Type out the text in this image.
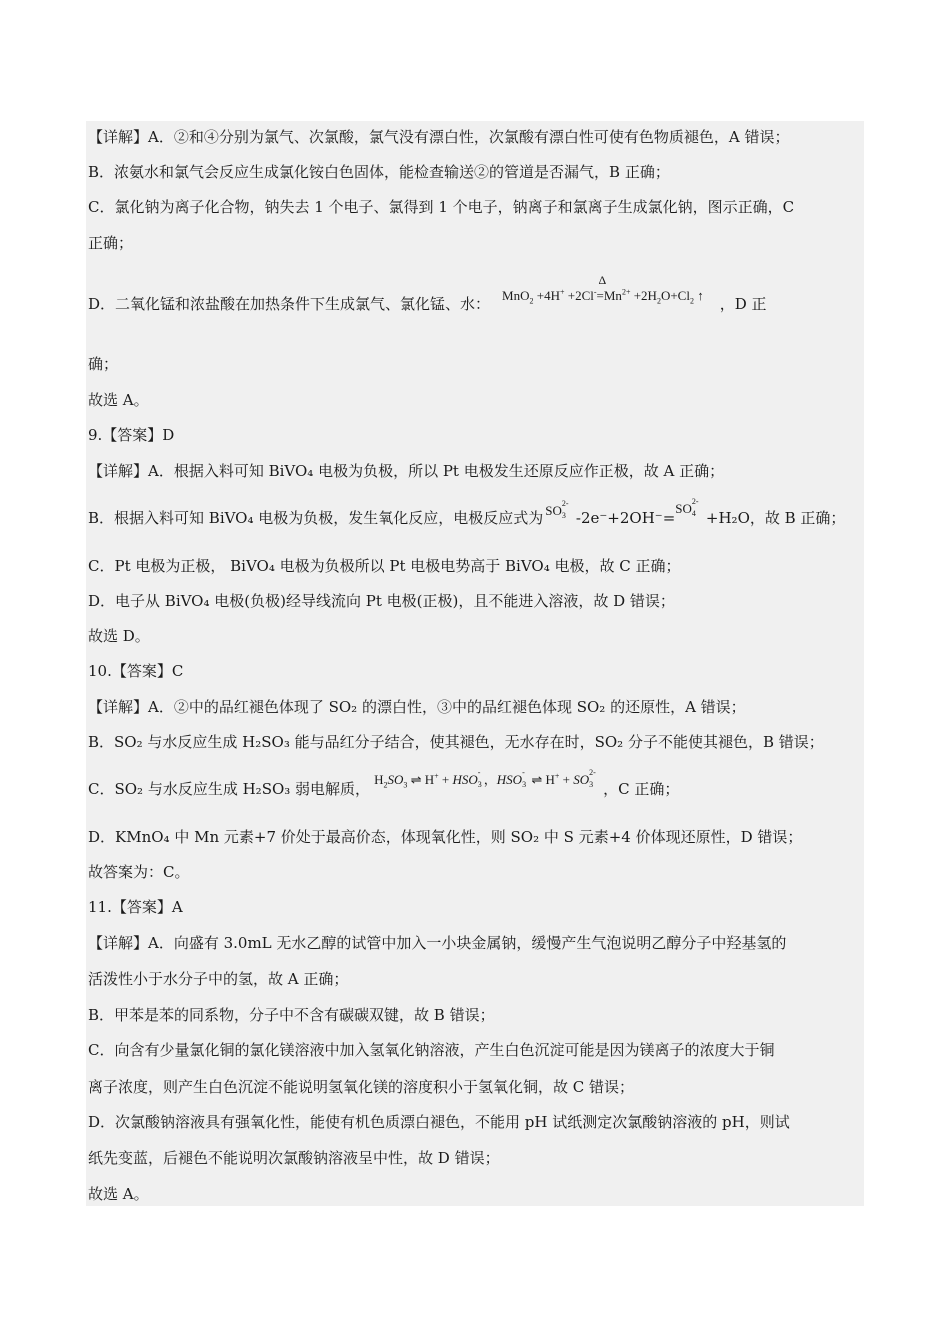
【详解】A．②和④分别为氯气、次氯酸，氯气没有漂白性，次氯酸有漂白性可使有色物质褪色，A 错误；
B．浓氨水和氯气会反应生成氯化铵白色固体，能检查输送②的管道是否漏气，B 正确；
C．氯化钠为离子化合物，钠失去 1 个电子、氯得到 1 个电子，钠离子和氯离子生成氯化钠，图示正确，C
正确；
D．二氧化锰和浓盐酸在加热条件下生成氯气、氯化锰、水： MnO$_2$ +4H+ +2Cl-
Δ
$=Mn^{2+} +2H_2O+Cl_2$ ↑ ，D 正
确；
故选 A。
9.【答案】D
【详解】A．根据入料可知 BiVO₄ 电极为负极，所以 Pt 电极发生还原反应作正极，故 A 正确；
B．根据入料可知 BiVO₄ 电极为负极，发生氧化反应，电极反应式为 SO 2-
3 -2e⁻+2OH⁻=SO 2-
4 +H₂O，故 B 正确；
C．Pt 电极为正极， BiVO₄ 电极为负极所以 Pt 电极电势高于 BiVO₄ 电极，故 C 正确；
D．电子从 BiVO₄ 电极(负极)经导线流向 Pt 电极(正极)，且不能进入溶液，故 D 错误；
故选 D。
10.【答案】C
【详解】A．②中的品红褪色体现了 SO₂ 的漂白性，③中的品红褪色体现 SO₂ 的还原性，A 错误；
B．SO₂ 与水反应生成 H₂SO₃ 能与品红分子结合，使其褪色，无水存在时，SO₂ 分子不能使其褪色，B 错误；
C．SO₂ 与水反应生成 H₂SO₃ 弱电解质，$H_2SO_3$ ⇌ H+ + HSO -
3 ，HSO -
3 ⇌ H+ + SO 2-
3 ，C 正确；
D．KMnO₄ 中 Mn 元素+7 价处于最高价态，体现氧化性，则 SO₂ 中 S 元素+4 价体现还原性，D 错误；
故答案为：C。
11.【答案】A
【详解】A．向盛有 3.0mL 无水乙醇的试管中加入一小块金属钠，缓慢产生气泡说明乙醇分子中羟基氢的
活泼性小于水分子中的氢，故 A 正确；
B．甲苯是苯的同系物，分子中不含有碳碳双键，故 B 错误；
C．向含有少量氯化铜的氯化镁溶液中加入氢氧化钠溶液，产生白色沉淀可能是因为镁离子的浓度大于铜
离子浓度，则产生白色沉淀不能说明氢氧化镁的溶度积小于氢氧化铜，故 C 错误；
D．次氯酸钠溶液具有强氧化性，能使有机色质漂白褪色，不能用 pH 试纸测定次氯酸钠溶液的 pH，则试
纸先变蓝，后褪色不能说明次氯酸钠溶液呈中性，故 D 错误；
故选 A。
